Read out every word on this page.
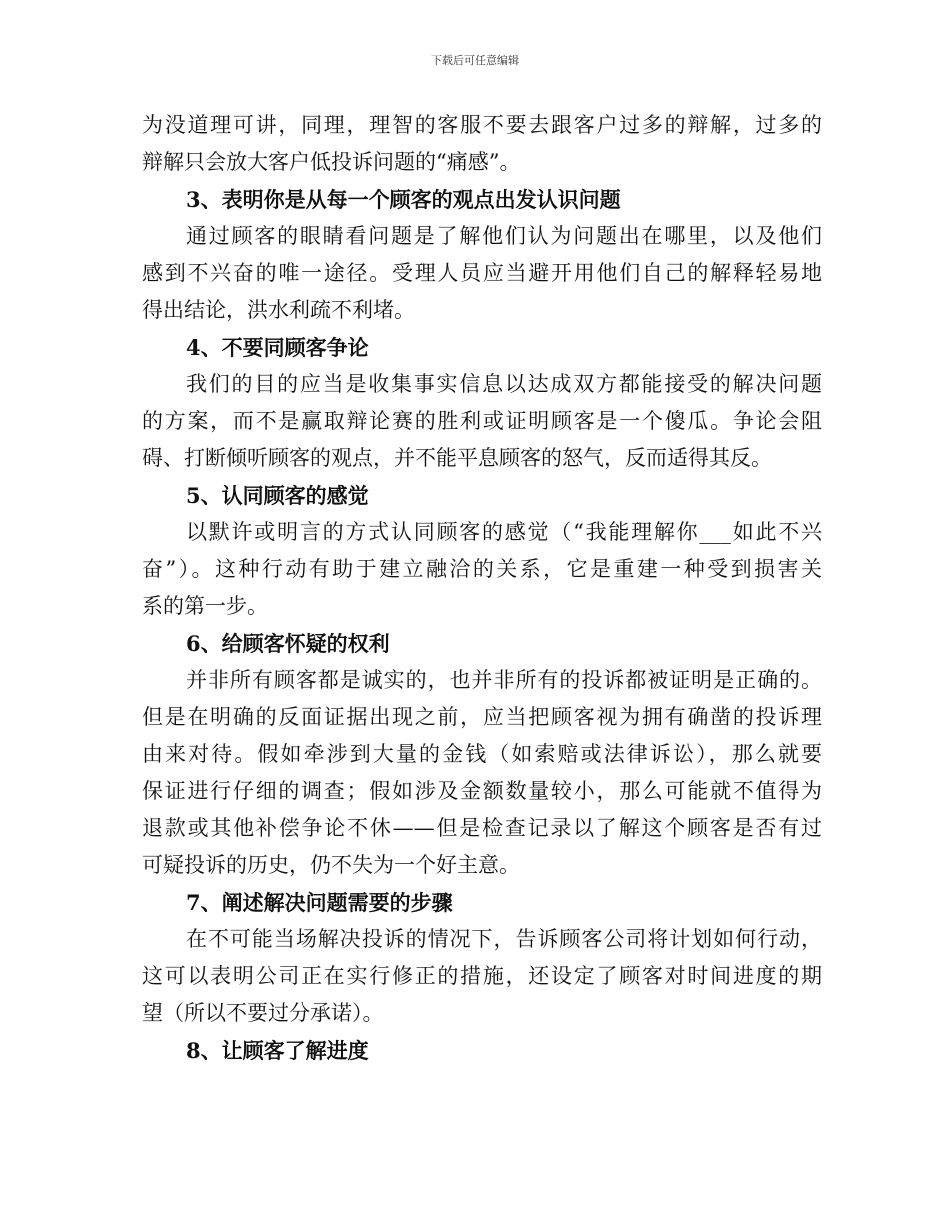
下载后可任意编辑
为没道理可讲，同理，理智的客服不要去跟客户过多的辩解，过多的
辩解只会放大客户低投诉问题的“痛感”。
3、表明你是从每一个顾客的观点出发认识问题
通过顾客的眼睛看问题是了解他们认为问题出在哪里，以及他们
感到不兴奋的唯一途径。受理人员应当避开用他们自己的解释轻易地
得出结论，洪水利疏不利堵。
4、不要同顾客争论
我们的目的应当是收集事实信息以达成双方都能接受的解决问题
的方案，而不是赢取辩论赛的胜利或证明顾客是一个傻瓜。争论会阻
碍、打断倾听顾客的观点，并不能平息顾客的怒气，反而适得其反。
5、认同顾客的感觉
以默许或明言的方式认同顾客的感觉（“我能理解你___如此不兴
奋”）。这种行动有助于建立融洽的关系，它是重建一种受到损害关
系的第一步。
6、给顾客怀疑的权利
并非所有顾客都是诚实的，也并非所有的投诉都被证明是正确的。
但是在明确的反面证据出现之前，应当把顾客视为拥有确凿的投诉理
由来对待。假如牵涉到大量的金钱（如索赔或法律诉讼），那么就要
保证进行仔细的调查；假如涉及金额数量较小，那么可能就不值得为
退款或其他补偿争论不休——但是检查记录以了解这个顾客是否有过
可疑投诉的历史，仍不失为一个好主意。
7、阐述解决问题需要的步骤
在不可能当场解决投诉的情况下，告诉顾客公司将计划如何行动，
这可以表明公司正在实行修正的措施，还设定了顾客对时间进度的期
望（所以不要过分承诺）。
8、让顾客了解进度
